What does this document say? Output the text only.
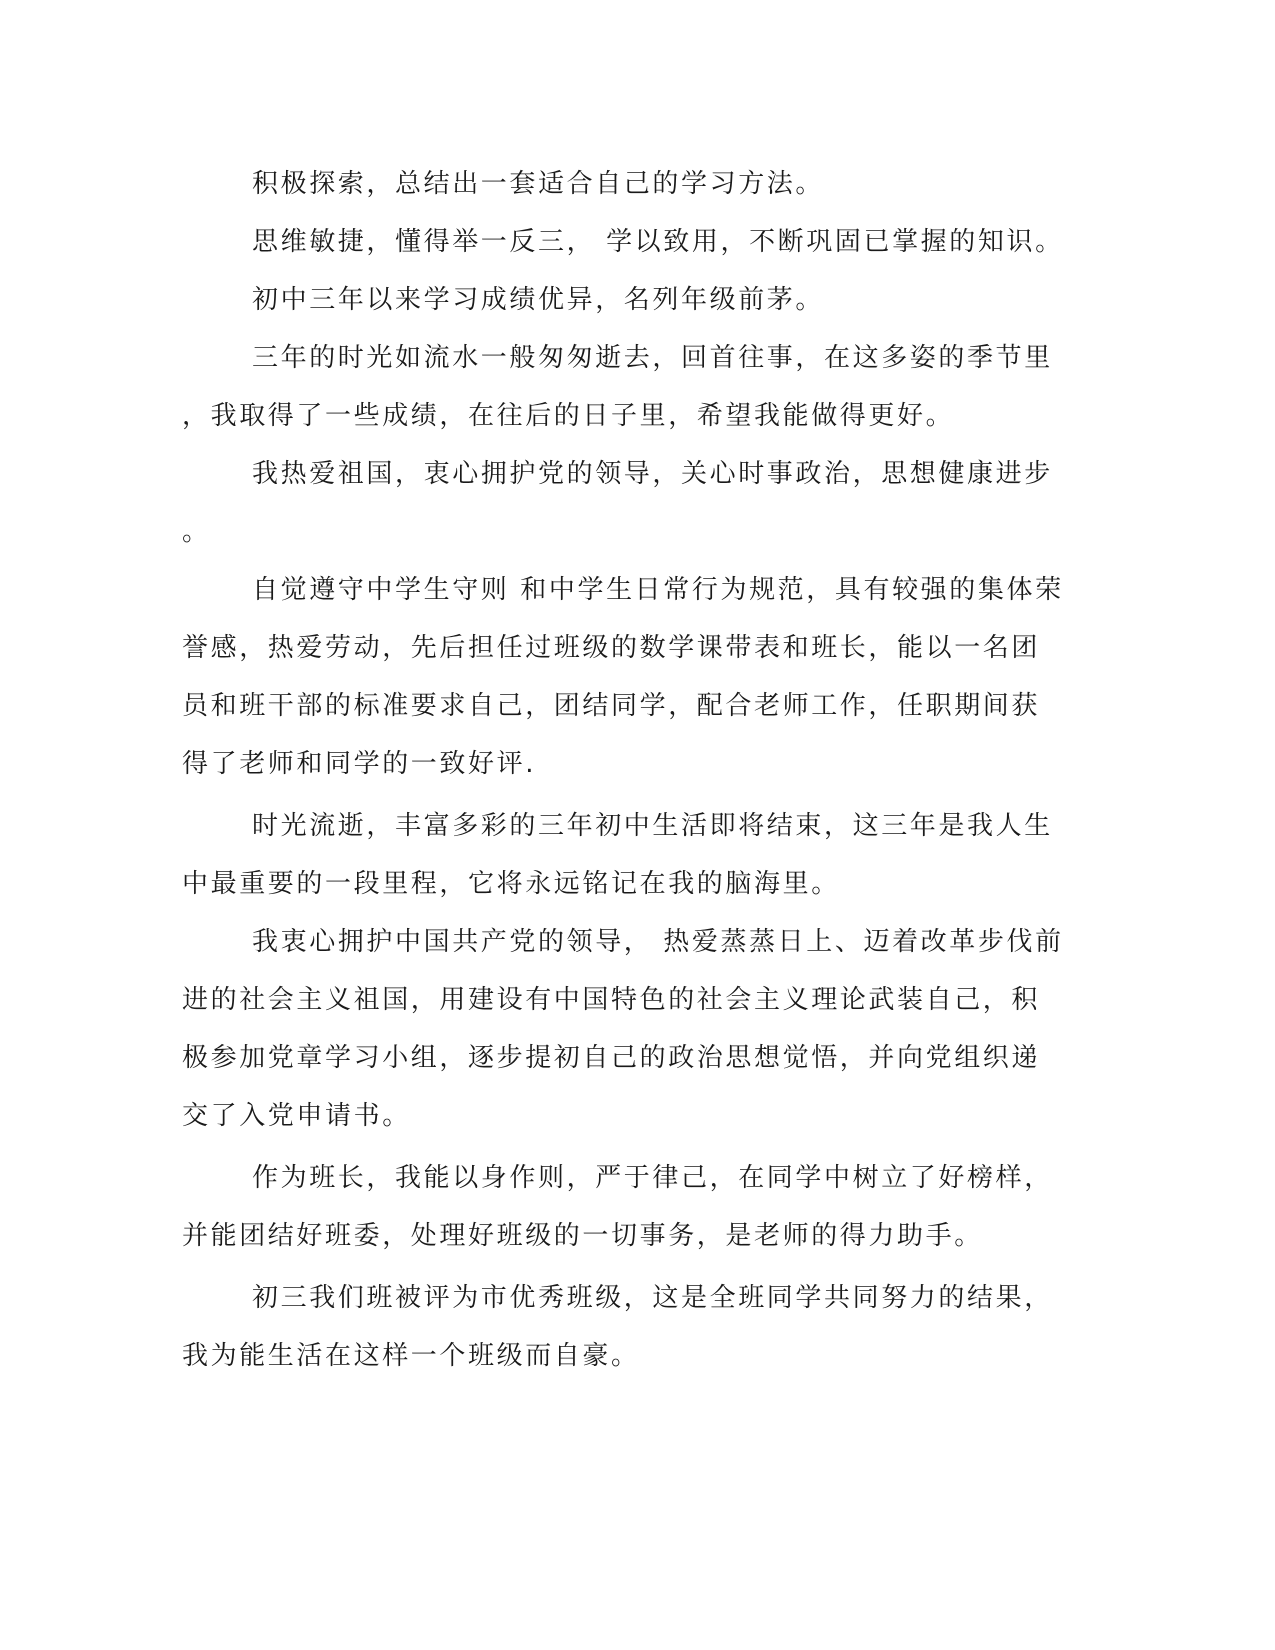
积极探索，总结出一套适合自己的学习方法。

思维敏捷，懂得举一反三， 学以致用，不断巩固已掌握的知识。

初中三年以来学习成绩优异，名列年级前茅。

三年的时光如流水一般匆匆逝去，回首往事，在这多姿的季节里

，我取得了一些成绩，在往后的日子里，希望我能做得更好。

我热爱祖国，衷心拥护党的领导，关心时事政治，思想健康进步

。

自觉遵守中学生守则 和中学生日常行为规范，具有较强的集体荣

誉感，热爱劳动，先后担任过班级的数学课带表和班长，能以一名团

员和班干部的标准要求自己，团结同学，配合老师工作，任职期间获

得了老师和同学的一致好评.

时光流逝，丰富多彩的三年初中生活即将结束，这三年是我人生

中最重要的一段里程，它将永远铭记在我的脑海里。

我衷心拥护中国共产党的领导， 热爱蒸蒸日上、迈着改革步伐前

进的社会主义祖国，用建设有中国特色的社会主义理论武装自己，积

极参加党章学习小组，逐步提初自己的政治思想觉悟，并向党组织递

交了入党申请书。

作为班长，我能以身作则，严于律己，在同学中树立了好榜样，

并能团结好班委，处理好班级的一切事务，是老师的得力助手。

初三我们班被评为市优秀班级，这是全班同学共同努力的结果，

我为能生活在这样一个班级而自豪。
